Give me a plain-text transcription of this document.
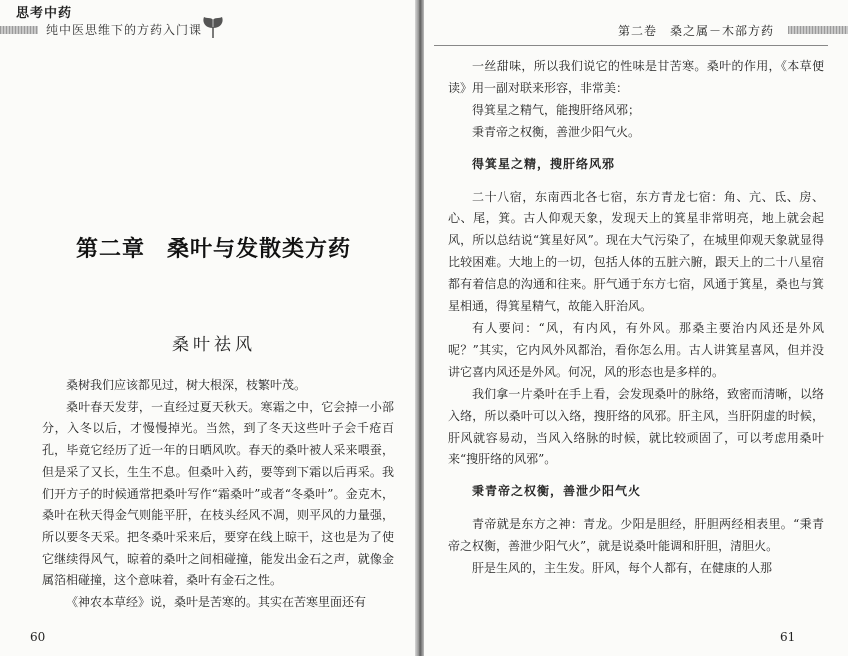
思考中药
纯中医思维下的方药入门课
第二章 桑叶与发散类方药
桑叶祛风

桑树我们应该都见过，树大根深，枝繁叶茂。

桑叶春天发芽，一直经过夏天秋天。寒霜之中，它会掉一小部分，入冬以后，才慢慢掉光。当然，到了冬天这些叶子会千疮百孔，毕竟它经历了近一年的日晒风吹。春天的桑叶被人采来喂蚕，但是采了又长，生生不息。但桑叶入药，要等到下霜以后再采。我们开方子的时候通常把桑叶写作“霜桑叶”或者“冬桑叶”。金克木，桑叶在秋天得金气则能平肝，在枝头经风不凋，则平风的力量强，所以要冬天采。把冬桑叶采来后，要穿在线上晾干，这也是为了使它继续得风气，晾着的桑叶之间相碰撞，能发出金石之声，就像金属箔相碰撞，这个意味着，桑叶有金石之性。

《神农本草经》说，桑叶是苦寒的。其实在苦寒里面还有

60
第二卷　桑之属－木部方药

一丝甜味，所以我们说它的性味是甘苦寒。桑叶的作用，《本草便读》用一副对联来形容，非常美：

得箕星之精气，能搜肝络风邪；

秉青帝之权衡，善泄少阳气火。

得箕星之精，搜肝络风邪

二十八宿，东南西北各七宿，东方青龙七宿：角、亢、氐、房、心、尾，箕。古人仰观天象，发现天上的箕星非常明亮，地上就会起风，所以总结说“箕星好风”。现在大气污染了，在城里仰观天象就显得比较困难。大地上的一切，包括人体的五脏六腑，跟天上的二十八星宿都有着信息的沟通和往来。肝气通于东方七宿，风通于箕星，桑也与箕星相通，得箕星精气，故能入肝治风。

有人要问：“风，有内风，有外风。那桑主要治内风还是外风呢？”其实，它内风外风都治，看你怎么用。古人讲箕星喜风，但并没讲它喜内风还是外风。何况，风的形态也是多样的。

我们拿一片桑叶在手上看，会发现桑叶的脉络，致密而清晰，以络入络，所以桑叶可以入络，搜肝络的风邪。肝主风，当肝阴虚的时候，肝风就容易动，当风入络脉的时候，就比较顽固了，可以考虑用桑叶来“搜肝络的风邪”。

秉青帝之权衡，善泄少阳气火

青帝就是东方之神：青龙。少阳是胆经，肝胆两经相表里。“秉青帝之权衡，善泄少阳气火”，就是说桑叶能调和肝胆，清胆火。

肝是生风的，主生发。肝风，每个人都有，在健康的人那

61
